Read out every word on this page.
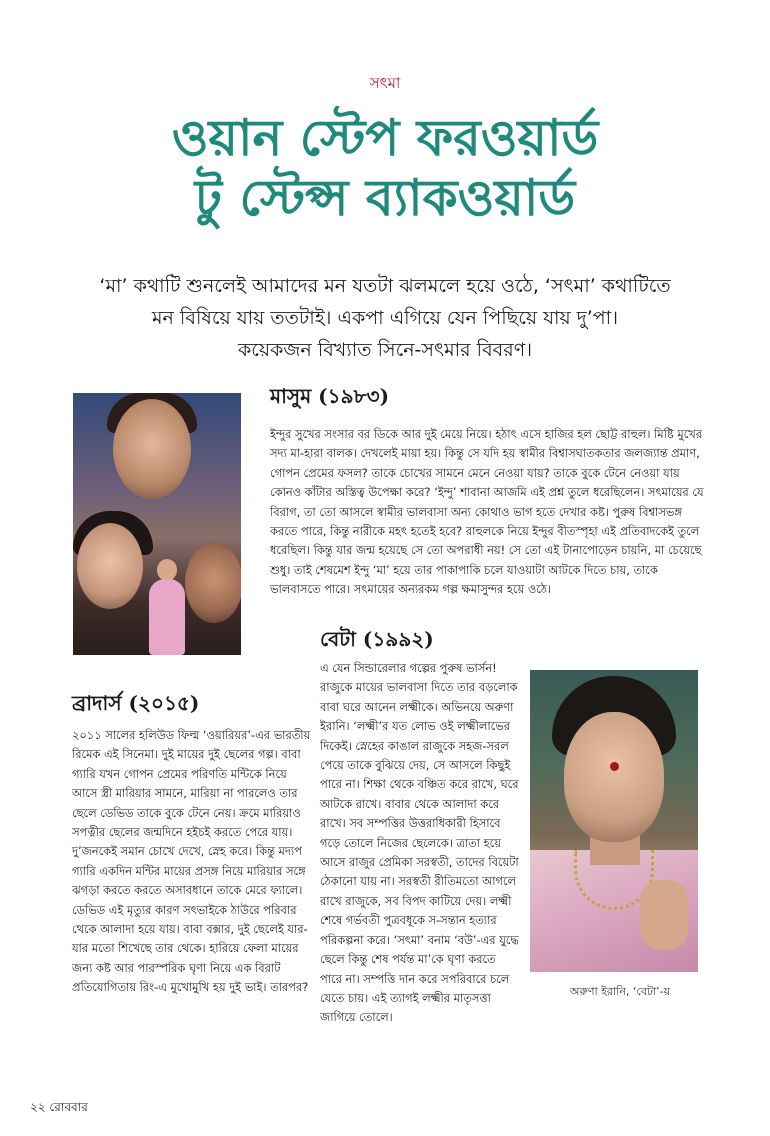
সৎমা
ওয়ান স্টেপ ফরওয়ার্ড
টু স্টেপ্স ব্যাকওয়ার্ড
‘মা’ কথাটি শুনলেই আমাদের মন যতটা ঝলমলে হয়ে ওঠে, ‘সৎমা’ কথাটিতে
মন বিষিয়ে যায় ততটাই। একপা এগিয়ে যেন পিছিয়ে যায় দু’পা।
কয়েকজন বিখ্যাত সিনে-সৎমার বিবরণ।
মাসুম (১৯৮৩)

ইন্দুর সুখের সংসার বর ডিকে আর দুই মেয়ে নিয়ে। হঠাৎ এসে হাজির হল ছোট্ট রাহুল। মিষ্টি মুখের সদ্য মা-হারা বালক। দেখলেই মায়া হয়। কিন্তু সে যদি হয় স্বামীর বিশ্বাসঘাতকতার জলজ্যান্ত প্রমাণ, গোপন প্রেমের ফসল? তাকে চোখের সামনে মেনে নেওয়া যায়? তাকে বুকে টেনে নেওয়া যায় কোনও কাঁটার অস্তিত্ব উপেক্ষা করে? ‘ইন্দু’ শাবানা আজমি এই প্রশ্ন তুলে ধরেছিলেন। সৎমায়ের যে বিরাগ, তা তো আসলে স্বামীর ভালবাসা অন্য কোথাও ভাগ হতে দেখার কষ্ট। পুরুষ বিশ্বাসভঙ্গ করতে পারে, কিন্তু নারীকে মহৎ হতেই হবে? রাহুলকে নিয়ে ইন্দুর বীতস্পৃহা এই প্রতিবাদকেই তুলে ধরেছিল। কিন্তু যার জন্ম হয়েছে সে তো অপরাধী নয়! সে তো এই টানাপোড়েন চায়নি, মা চেয়েছে শুধু। তাই শেষমেশ ইন্দু ‘মা’ হয়ে তার পাকাপাকি চলে যাওয়াটা আটকে দিতে চায়, তাকে ভালবাসতে পারে। সৎমায়ের অন্যরকম গল্প ক্ষমাসুন্দর হয়ে ওঠে।

বেটা (১৯৯২)

এ যেন সিন্ডারেলার গল্পের পুরুষ ভার্সন! রাজুকে মায়ের ভালবাসা দিতে তার বড়লোক বাবা ঘরে আনেন লক্ষ্মীকে। অভিনয়ে অরুণা ইরানি। ‘লক্ষ্মী’র যত লোভ ওই লক্ষ্মীলাভের দিকেই। স্নেহের কাঙাল রাজুকে সহজ-সরল পেয়ে তাকে বুঝিয়ে দেয়, সে আসলে কিছুই পারে না। শিক্ষা থেকে বঞ্চিত করে রাখে, ঘরে আটকে রাখে। বাবার থেকে আলাদা করে রাখে। সব সম্পত্তির উত্তরাধিকারী হিসাবে গড়ে তোলে নিজের ছেলেকে। ত্রাতা হয়ে আসে রাজুর প্রেমিকা সরস্বতী, তাদের বিয়েটা ঠেকানো যায় না। সরস্বতী রীতিমতো আগলে রাখে রাজুকে, সব বিপদ কাটিয়ে দেয়। লক্ষ্মী শেষে গর্ভবতী পুত্রবধূকে স-সন্তান হত্যার পরিকল্পনা করে। ‘সৎমা’ বনাম ‘বউ’-এর যুদ্ধে ছেলে কিন্তু শেষ পর্যন্ত মা’কে ঘৃণা করতে পারে না। সম্পত্তি দান করে সপরিবারে চলে যেতে চায়। এই ত্যাগই লক্ষ্মীর মাতৃসত্তা জাগিয়ে তোলে।

অরুণা ইরানি, ‘বেটা’-য়
ব্রাদার্স (২০১৫)

২০১১ সালের হলিউড ফিল্ম ‘ওয়ারিয়র’-এর ভারতীয় রিমেক এই সিনেমা। দুই মায়ের দুই ছেলের গল্প। বাবা গ্যারি যখন গোপন প্রেমের পরিণতি মন্টিকে নিয়ে আসে স্ত্রী মারিয়ার সামনে, মারিয়া না পারলেও তার ছেলে ডেভিড তাকে বুকে টেনে নেয়। ক্রমে মারিয়াও সপত্নীর ছেলের জন্মদিনে হইচই করতে পেরে যায়। দু’জনকেই সমান চোখে দেখে, স্নেহ করে। কিন্তু মদ্যপ গ্যারি একদিন মন্টির মায়ের প্রসঙ্গ নিয়ে মারিয়ার সঙ্গে ঝগড়া করতে করতে অসাবধানে তাকে মেরে ফ্যালে। ডেভিড এই মৃত্যুর কারণ সৎভাইকে ঠাউরে পরিবার থেকে আলাদা হয়ে যায়। বাবা বক্সার, দুই ছেলেই যার-যার মতো শিখেছে তার থেকে। হারিয়ে ফেলা মায়ের জন্য কষ্ট আর পারস্পরিক ঘৃণা নিয়ে এক বিরাট প্রতিযোগিতায় রিং-এ মুখোমুখি হয় দুই ভাই। তারপর?

২২ রোববার
